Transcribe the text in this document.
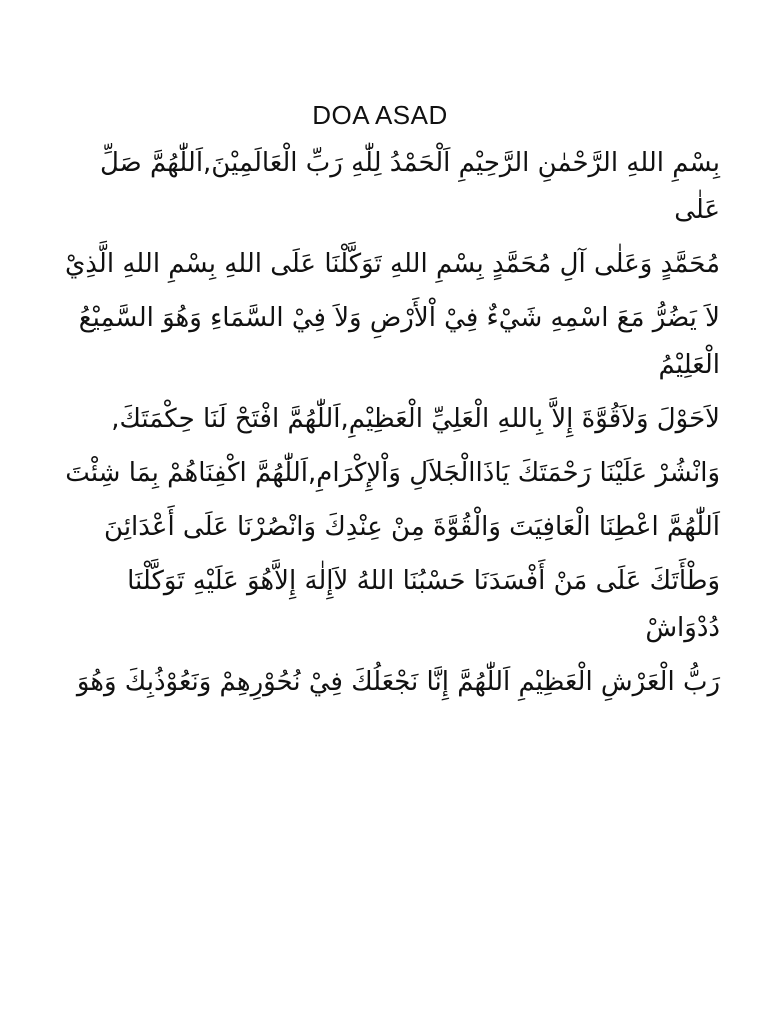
DOA ASAD

بِسْمِ اللهِ الرَّحْمٰنِ الرَّحِيْمِ اَلْحَمْدُ لِلّٰهِ رَبِّ الْعَالَمِيْنَ,اَللّٰهُمَّ صَلِّ عَلٰى

مُحَمَّدٍ وَعَلٰى آلِ مُحَمَّدٍ بِسْمِ اللهِ تَوَكَّلْنَا عَلَى اللهِ بِسْمِ اللهِ الَّذِيْ

لاَ يَضُرُّ مَعَ اسْمِهِ شَيْءٌ فِيْ اْلأَرْضِ وَلاَ فِيْ السَّمَاءِ وَهُوَ السَّمِيْعُ الْعَلِيْمُ

لاَحَوْلَ وَلاَقُوَّةَ إِلاَّ بِاللهِ الْعَلِيِّ الْعَظِيْمِ,اَللّٰهُمَّ افْتَحْ لَنَا حِكْمَتَكَ,

وَانْشُرْ عَلَيْنَا رَحْمَتَكَ يَاذَاالْجَلاَلِ وَاْلإِكْرَامِ,اَللّٰهُمَّ اكْفِنَاهُمْ بِمَا شِئْتَ

اَللّٰهُمَّ اعْطِنَا الْعَافِيَتَ وَالْقُوَّةَ مِنْ عِنْدِكَ وَانْصُرْنَا عَلَى أَعْدَائِنَ

وَطْأَتَكَ عَلَى مَنْ أَفْسَدَنَا حَسْبُنَا اللهُ لاَإِلٰهَ إِلاَّهُوَ عَلَيْهِ تَوَكَّلْنَا دُدْوَاشْ

رَبُّ الْعَرْشِ الْعَظِيْمِ اَللّٰهُمَّ إِنَّا نَجْعَلُكَ فِيْ نُحُوْرِهِمْ وَنَعُوْذُبِكَ وَهُوَ
